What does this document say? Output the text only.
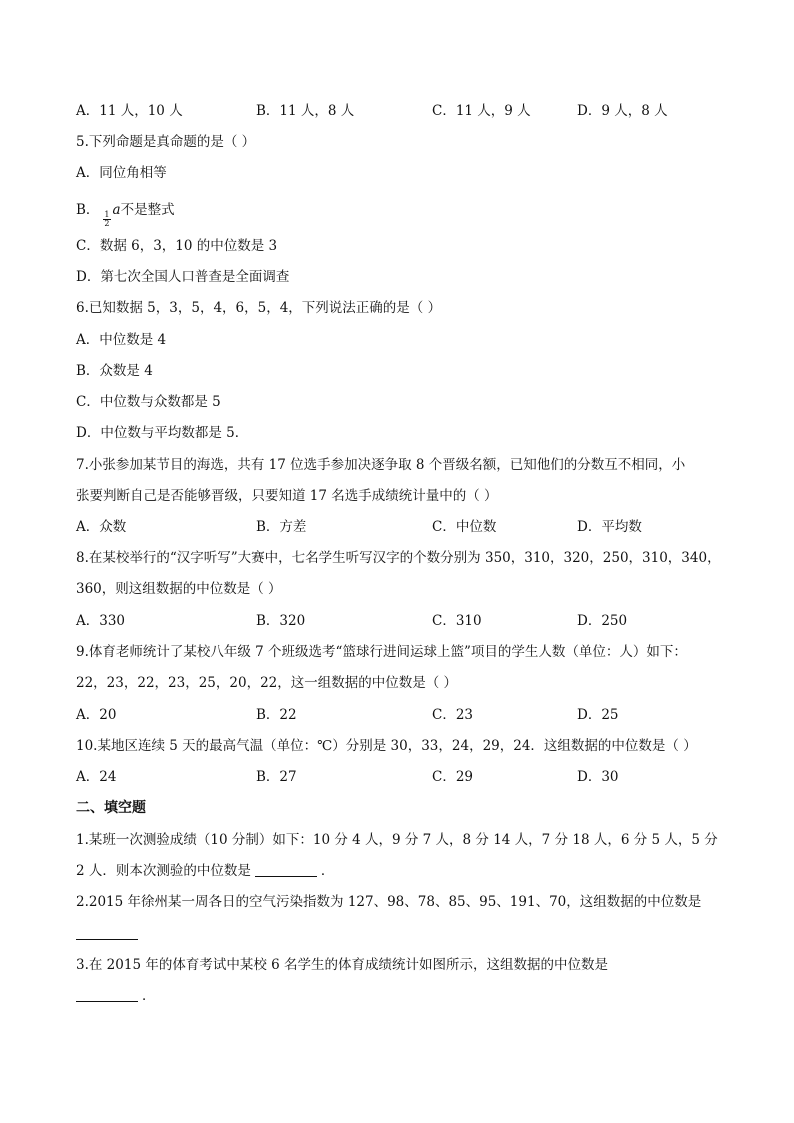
A．11 人，10 人	B．11 人，8 人	C．11 人，9 人	D．9 人，8 人
5.下列命题是真命题的是（ ）
A．同位角相等
B．
$\frac{1}{2}$
a不是整式
C．数据 6，3，10 的中位数是 3
D．第七次全国人口普查是全面调查
6.已知数据 5，3，5，4，6，5，4，下列说法正确的是（ ）
A．中位数是 4
B．众数是 4
C．中位数与众数都是 5
D．中位数与平均数都是 5．
7.小张参加某节目的海选，共有 17 位选手参加决逐争取 8 个晋级名额，已知他们的分数互不相同，小
张要判断自己是否能够晋级，只要知道 17 名选手成绩统计量中的（ ）
A．众数	B．方差	C．中位数	D．平均数
8.在某校举行的“汉字听写”大赛中，七名学生听写汉字的个数分别为 350，310，320，250，310，340，
360，则这组数据的中位数是（ ）
A．330	B．320	C．310	D．250
9.体育老师统计了某校八年级 7 个班级选考“篮球行进间运球上篮”项目的学生人数（单位：人）如下：
22，23，22，23，25，20，22，这一组数据的中位数是（ ）
A．20	B．22	C．23	D．25
10.某地区连续 5 天的最高气温（单位：℃）分别是 30，33，24，29，24．这组数据的中位数是（ ）
A．24	B．27	C．29	D．30
二、填空题
1.某班一次测验成绩（10 分制）如下：10 分 4 人，9 分 7 人，8 分 14 人，7 分 18 人，6 分 5 人，5 分
2 人．则本次测验的中位数是	．
2.2015 年徐州某一周各日的空气污染指数为 127、98、78、85、95、191、70，这组数据的中位数是
3.在 2015 年的体育考试中某校 6 名学生的体育成绩统计如图所示，这组数据的中位数是
．
